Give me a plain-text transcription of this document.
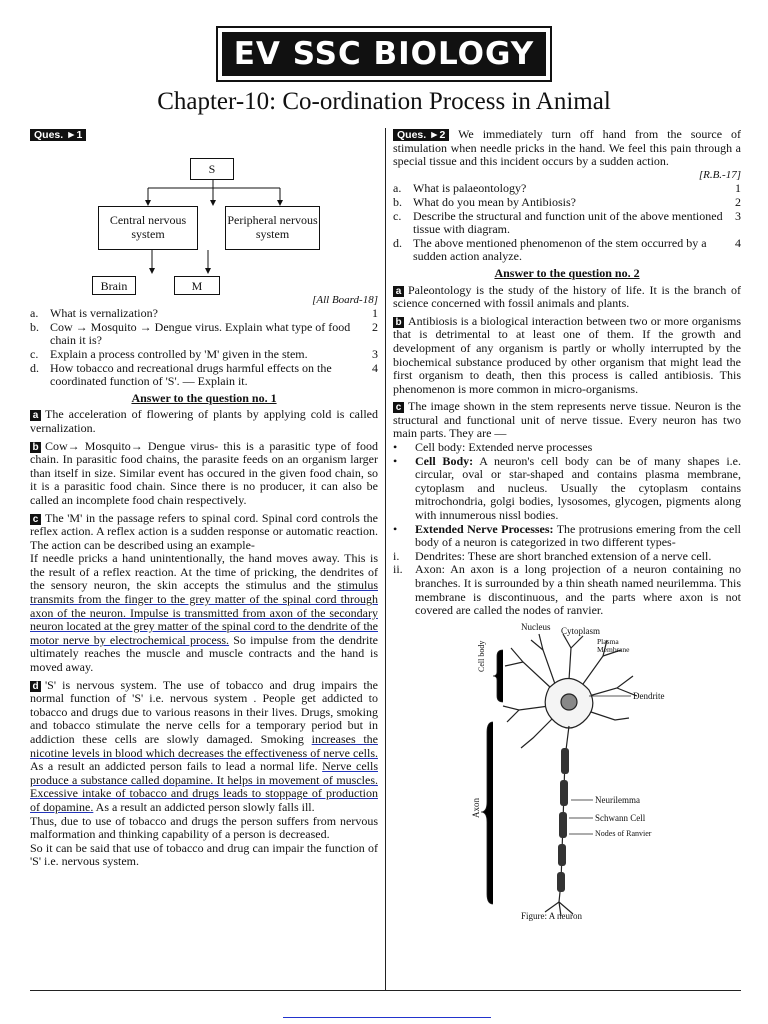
EV SSC BIOLOGY
Chapter-10: Co-ordination Process in Animal
Ques. ►1
S
Central nervous system
Peripheral nervous system
Brain	M

[All Board-18]

a. What is vernalization?	1
b. Cow → Mosquito → Dengue virus. Explain what type of food chain it is?
2
c. Explain a process controlled by 'M' given in the stem.	3
d. How tobacco and recreational drugs harmful effects on the coordinated function of 'S'. — Explain it.
4

Answer to the question no. 1

a The acceleration of flowering of plants by applying cold is called vernalization.

b Cow→ Mosquito→ Dengue virus- this is a parasitic type of food chain. In parasitic food chains, the parasite feeds on an organism larger than itself in size. Similar event has occured in the given food chain, so it is a parasitic food chain. Since there is no producer, it can also be called an incomplete food chain respectively.

c The 'M' in the passage refers to spinal cord. Spinal cord controls the reflex action. A reflex action is a sudden response or automatic reaction. The action can be described using an example-

If needle pricks a hand unintentionally, the hand moves away. This is the result of a reflex reaction. At the time of pricking, the dendrites of the sensory neuron, the skin accepts the stimulus and the stimulus transmits from the finger to the grey matter of the spinal cord through axon of the neuron. Impulse is transmitted from axon of the secondary neuron located at the grey matter of the spinal cord to the dendrite of the motor nerve by electrochemical process. So impulse from the dendrite ultimately reaches the muscle and muscle contracts and the hand is moved away.

d 'S' is nervous system. The use of tobacco and drug impairs the normal function of 'S' i.e. nervous system . People get addicted to tobacco and drugs due to various reasons in their lives. Drugs, smoking and tobacco stimulate the nerve cells for a temporary period but in addiction these cells are slowly damaged. Smoking increases the nicotine levels in blood which decreases the effectiveness of nerve cells. As a result an addicted person fails to lead a normal life. Nerve cells produce a substance called dopamine. It helps in movement of muscles. Excessive intake of tobacco and drugs leads to stoppage of production of dopamine. As a result an addicted person slowly falls ill.

Thus, due to use of tobacco and drugs the person suffers from nervous malformation and thinking capability of a person is decreased.

So it can be said that use of tobacco and drug can impair the function of 'S' i.e. nervous system.

Ques. ►2 We immediately turn off hand from the source of stimulation when needle pricks in the hand. We feel this pain through a special tissue and this incident occurs by a sudden action.

[R.B.-17]

a. What is palaeontology?	1
b. What do you mean by Antibiosis?	2
c. Describe the structural and function unit of the above mentioned tissue with diagram.
3
d. The above mentioned phenomenon of the stem occurred by a sudden action analyze.
4

Answer to the question no. 2

a Paleontology is the study of the history of life. It is the branch of science concerned with fossil animals and plants.

b Antibiosis is a biological interaction between two or more organisms that is detrimental to at least one of them. If the growth and development of any organism is partly or wholly interrupted by the biochemical substance produced by other organism that might lead the first organism to death, then this process is called antibiosis. This phenomenon is more common in micro-organisms.

c The image shown in the stem represents nerve tissue. Neuron is the structural and functional unit of nerve tissue. Every neuron has two main parts. They are —

•	Cell body: Extended nerve processes
•	Cell Body: A neuron's cell body can be of many shapes i.e. circular, oval or star-shaped and contains plasma membrane, cytoplasm and nucleus. Usually the cytoplasm contains mitrochondria, golgi bodies, lysosomes, glycogen, pigments along with innumerous nissl bodies.
•	Extended Nerve Processes: The protrusions emering from the cell body of a neuron is categorized in two different types-
i.	Dendrites: These are short branched extension of a nerve cell.
ii.	Axon: An axon is a long projection of a neuron containing no branches. It is surrounded by a thin sheath named neurilemma. This membrane is discontinuous, and the parts where axon is not covered are called the nodes of ranvier.
Nucleus Cytoplasm
Plasma Membrane
Cell body
Dendrite
Axon	Neurilemma
Schwann Cell
Nodes of Ranvier
Figure: A neuron
